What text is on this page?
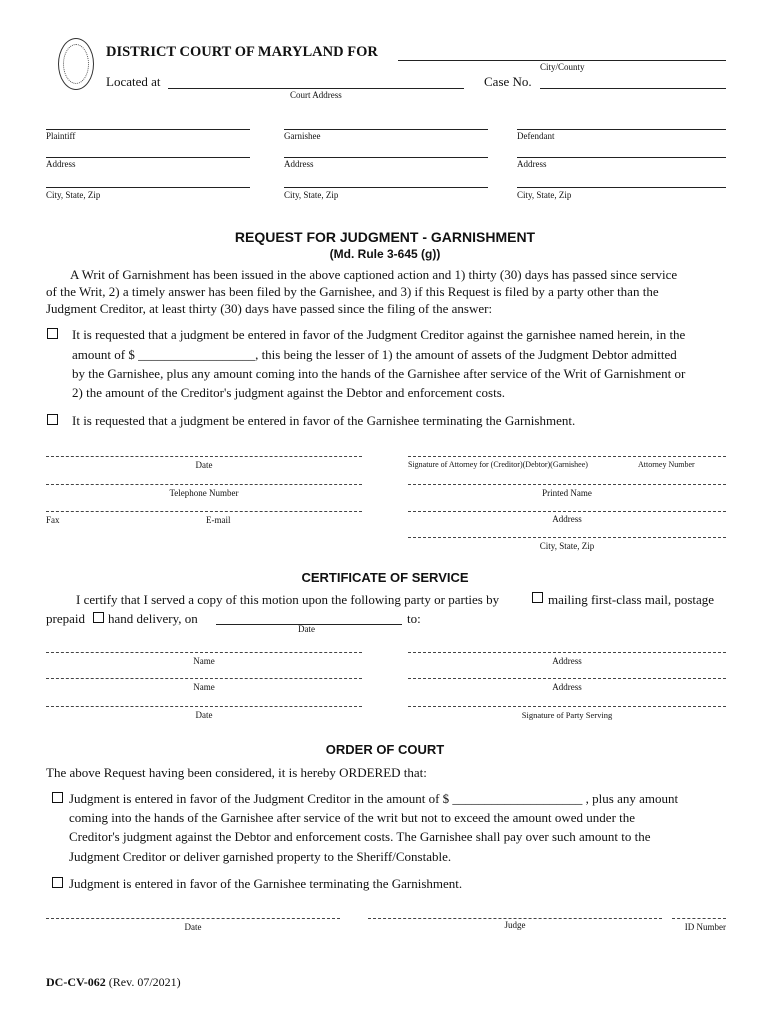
DISTRICT COURT OF MARYLAND FOR
City/County
Located at
Court Address
Case No.
Plaintiff	Garnishee	Defendant
Address	Address	Address
City, State, Zip	City, State, Zip	City, State, Zip
REQUEST FOR JUDGMENT - GARNISHMENT
(Md. Rule 3-645 (g))
A Writ of Garnishment has been issued in the above captioned action and 1) thirty (30) days has passed since service
of the Writ, 2) a timely answer has been filed by the Garnishee, and 3) if this Request is filed by a party other than the
Judgment Creditor, at least thirty (30) days have passed since the filing of the answer:
It is requested that a judgment be entered in favor of the Judgment Creditor against the garnishee named herein, in the
amount of $ __________________, this being the lesser of 1) the amount of assets of the Judgment Debtor admitted
by the Garnishee, plus any amount coming into the hands of the Garnishee after service of the Writ of Garnishment or
2) the amount of the Creditor's judgment against the Debtor and enforcement costs.
It is requested that a judgment be entered in favor of the Garnishee terminating the Garnishment.
Date	Signature of Attorney for (Creditor)(Debtor)(Garnishee)	Attorney Number
Telephone Number	Printed Name
Fax	E-mail	Address
City, State, Zip
CERTIFICATE OF SERVICE
I certify that I served a copy of this motion upon the following party or parties by	mailing first-class mail, postage
prepaid hand delivery, on
Date
to:
Name	Address
Name	Address
Date	Signature of Party Serving
ORDER OF COURT
The above Request having been considered, it is hereby ORDERED that:
Judgment is entered in favor of the Judgment Creditor in the amount of $ ____________________ , plus any amount
coming into the hands of the Garnishee after service of the writ but not to exceed the amount owed under the
Creditor's judgment against the Debtor and enforcement costs. The Garnishee shall pay over such amount to the
Judgment Creditor or deliver garnished property to the Sheriff/Constable.
Judgment is entered in favor of the Garnishee terminating the Garnishment.
Date	Judge	ID Number
DC-CV-062 (Rev. 07/2021)
